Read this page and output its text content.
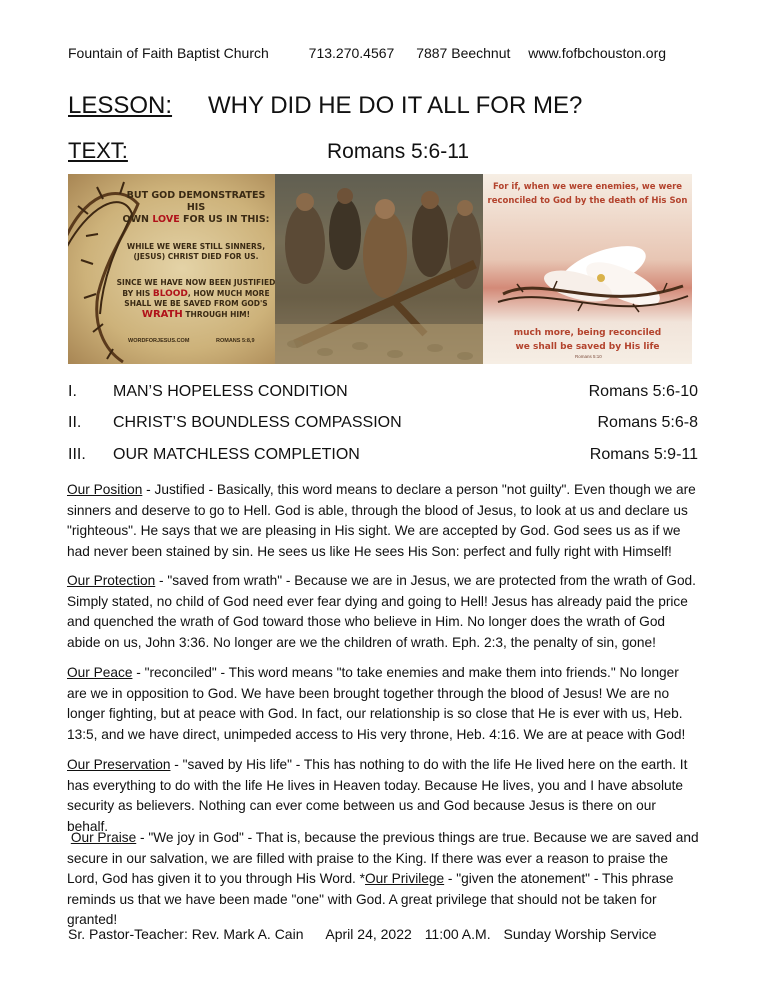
Fountain of Faith Baptist Church	713.270.4567 7887 Beechnut www.fofbchouston.org
LESSON: WHY DID HE DO IT ALL FOR ME?
TEXT:	Romans 5:6-11
BUT GOD DEMONSTRATES HIS
OWN LOVE FOR US IN THIS:
WHILE WE WERE STILL SINNERS,
(JESUS) CHRIST DIED FOR US.
SINCE WE HAVE NOW BEEN JUSTIFIED
BY HIS BLOOD, HOW MUCH MORE
SHALL WE BE SAVED FROM GOD'S
WRATH THROUGH HIM!
WORDFORJESUS.COM	ROMANS 5:8,9
For if, when we were enemies, we were
reconciled to God by the death of His Son
much more, being reconciled
we shall be saved by His life
Romans 5:10
I. MAN’S HOPELESS CONDITION	Romans 5:6-10
II. CHRIST’S BOUNDLESS COMPASSION	Romans 5:6-8
III. OUR MATCHLESS COMPLETION	Romans 5:9-11
Our Position - Justified - Basically, this word means to declare a person "not guilty". Even though we are sinners and deserve to go to Hell. God is able, through the blood of Jesus, to look at us and declare us "righteous". He says that we are pleasing in His sight. We are accepted by God. God sees us as if we had never been stained by sin. He sees us like He sees His Son: perfect and fully right with Himself!
Our Protection - "saved from wrath" - Because we are in Jesus, we are protected from the wrath of God. Simply stated, no child of God need ever fear dying and going to Hell! Jesus has already paid the price and quenched the wrath of God toward those who believe in Him. No longer does the wrath of God abide on us, John 3:36. No longer are we the children of wrath. Eph. 2:3, the penalty of sin, gone!
Our Peace - "reconciled" - This word means "to take enemies and make them into friends." No longer are we in opposition to God. We have been brought together through the blood of Jesus! We are no longer fighting, but at peace with God. In fact, our relationship is so close that He is ever with us, Heb. 13:5, and we have direct, unimpeded access to His very throne, Heb. 4:16. We are at peace with God!
Our Preservation - "saved by His life" - This has nothing to do with the life He lived here on the earth. It has everything to do with the life He lives in Heaven today. Because He lives, you and I have absolute security as believers. Nothing can ever come between us and God because Jesus is there on our behalf.
Our Praise - "We joy in God" - That is, because the previous things are true. Because we are saved and secure in our salvation, we are filled with praise to the King. If there was ever a reason to praise the Lord, God has given it to you through His Word. *Our Privilege - "given the atonement" - This phrase reminds us that we have been made "one" with God. A great privilege that should not be taken for granted!
Sr. Pastor-Teacher: Rev. Mark A. Cain April 24, 2022 11:00 A.M. Sunday Worship Service
